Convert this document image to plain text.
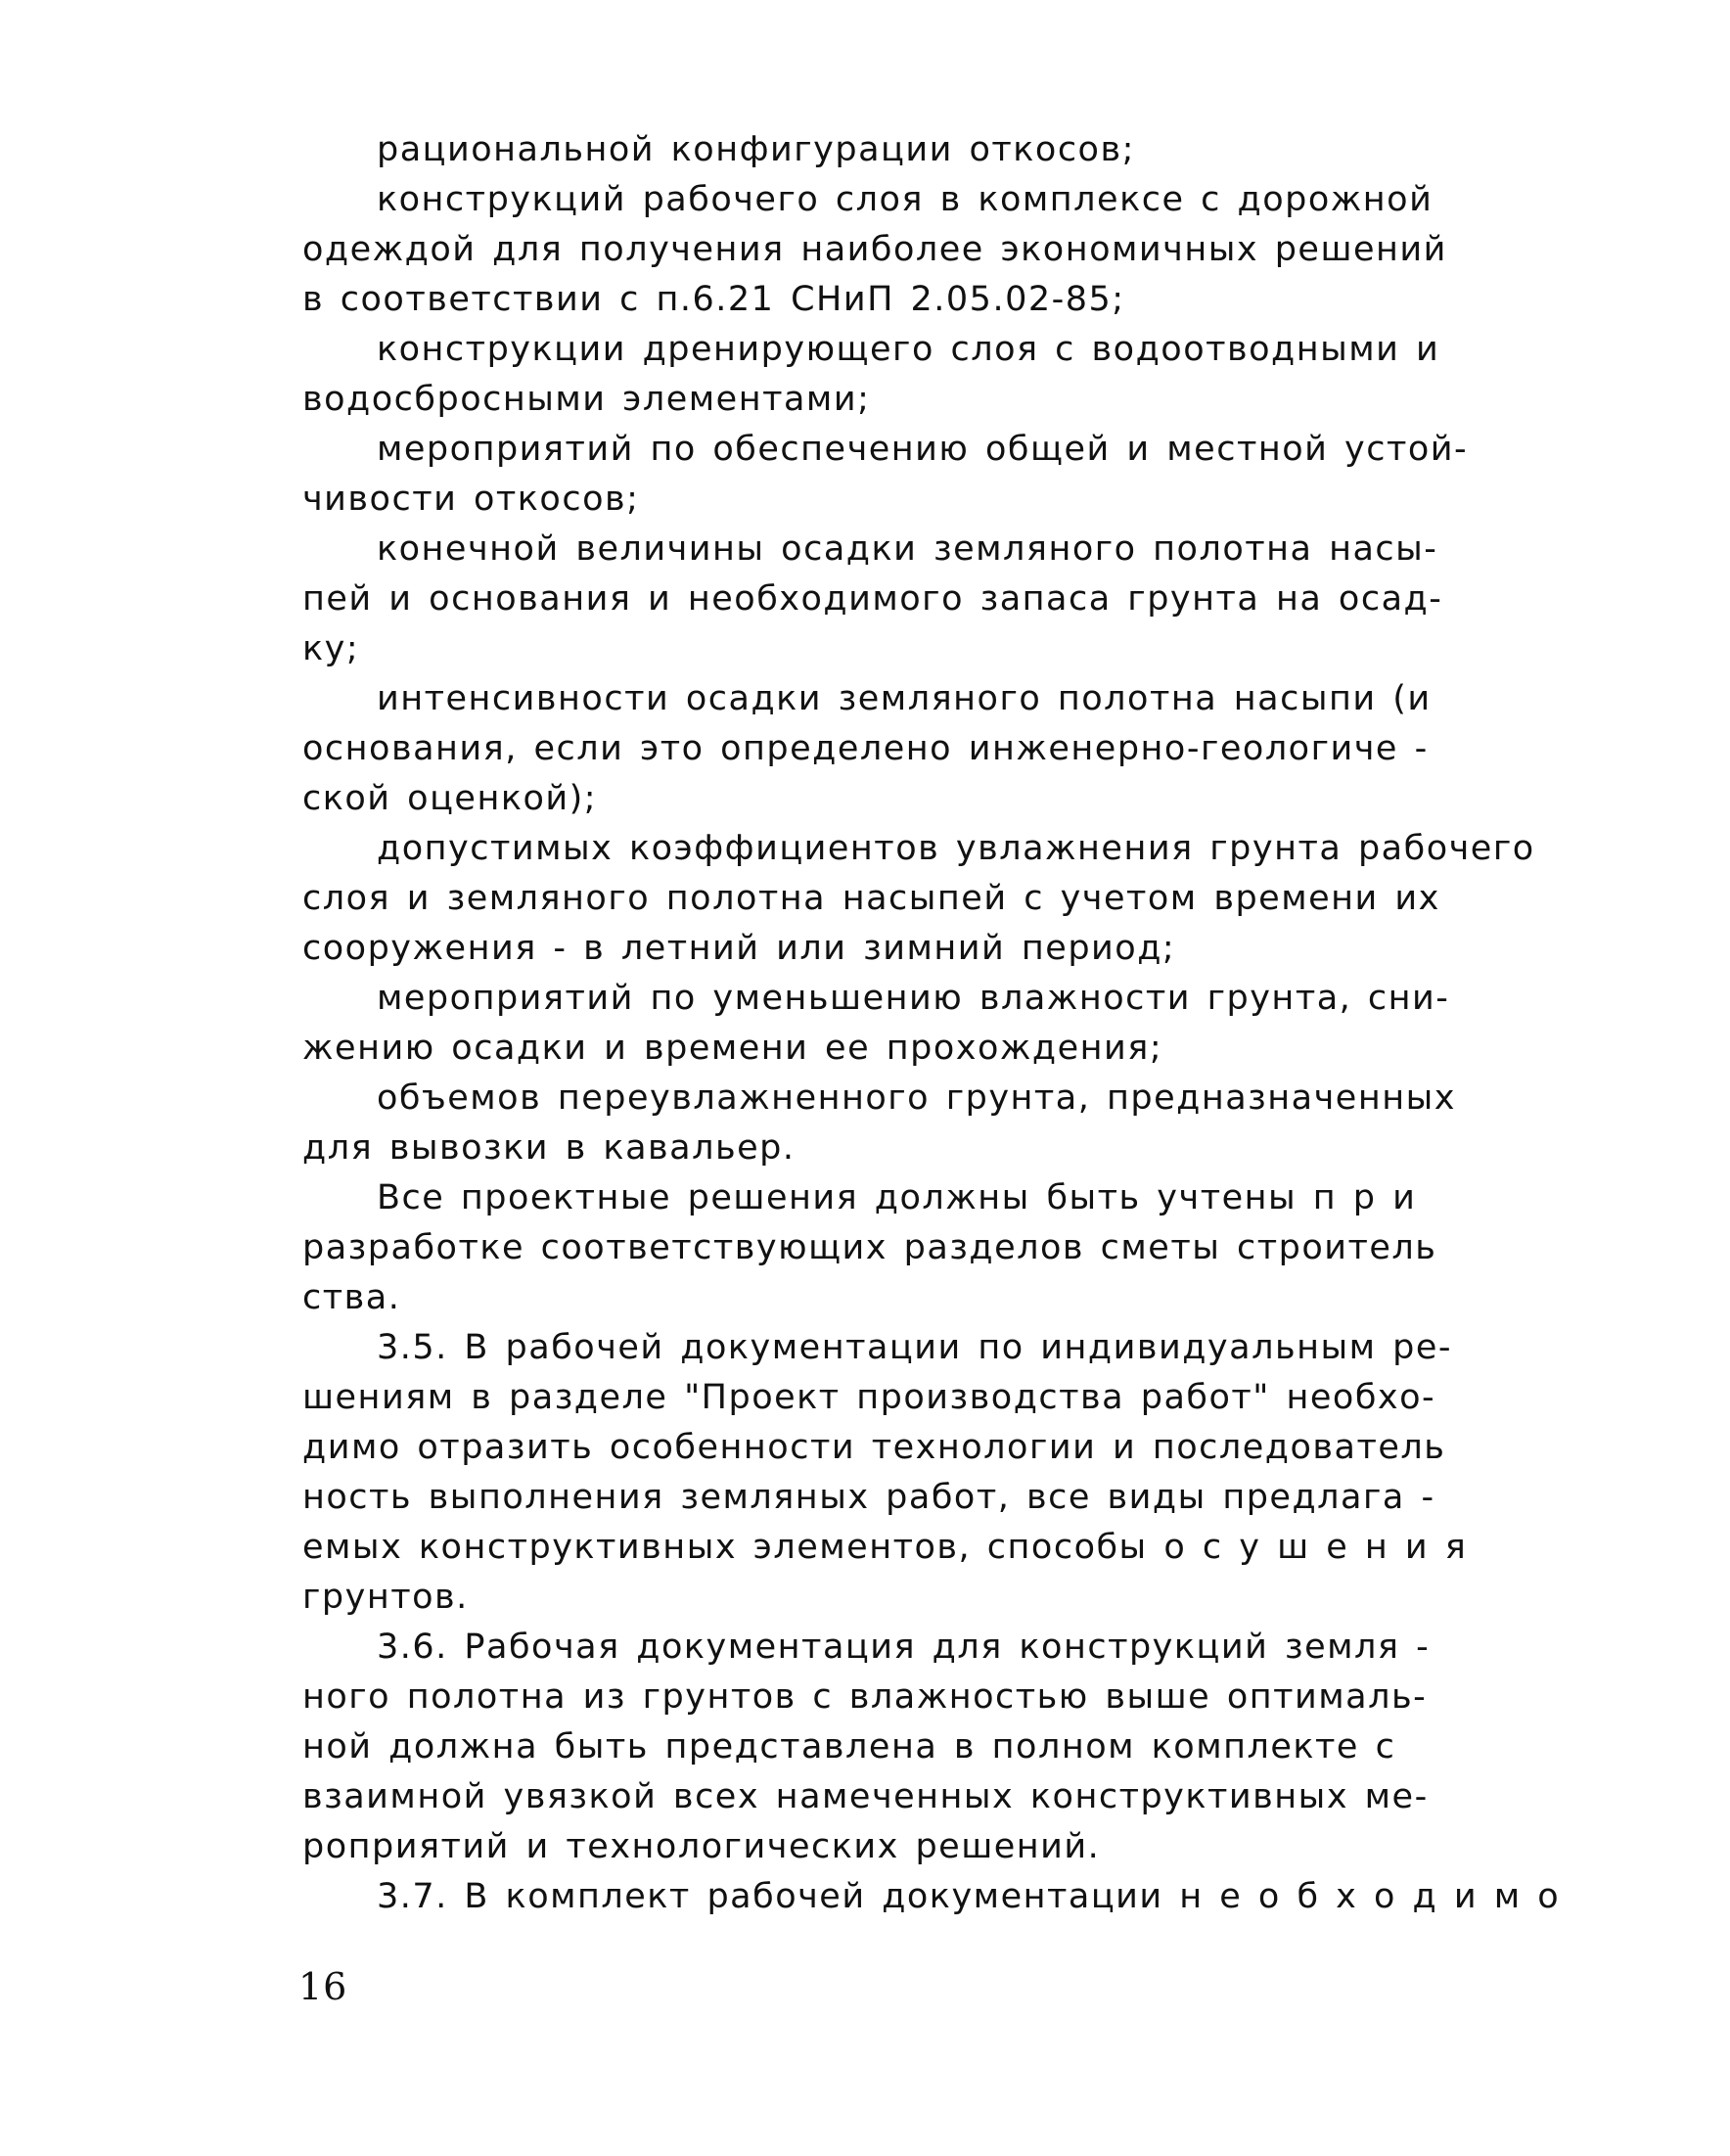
рациональной конфигурации откосов;
конструкций рабочего слоя в комплексе с дорожной
одеждой для получения наиболее экономичных решений
в соответствии с п.6.21 СНиП 2.05.02-85;
конструкции дренирующего слоя с водоотводными и
водосбросными элементами;
мероприятий по обеспечению общей и местной устой-
чивости откосов;
конечной величины осадки земляного полотна насы-
пей и основания и необходимого запаса грунта на осад-
ку;
интенсивности осадки земляного полотна насыпи (и
основания, если это определено инженерно-геологиче -
ской оценкой);
допустимых коэффициентов увлажнения грунта рабочего
слоя и земляного полотна насыпей с учетом времени их
сооружения - в летний или зимний период;
мероприятий по уменьшению влажности грунта, сни-
жению осадки и времени ее прохождения;
объемов переувлажненного грунта, предназначенных
для вывозки в кавальер.
Все проектные решения должны быть учтены п р и
разработке соответствующих разделов сметы строитель
ства.
3.5. В рабочей документации по индивидуальным ре-
шениям в разделе "Проект производства работ" необхо-
димо отразить особенности технологии и последователь
ность выполнения земляных работ, все виды предлага -
емых конструктивных элементов, способы о с у ш е н и я
грунтов.
3.6. Рабочая документация для конструкций земля -
ного полотна из грунтов с влажностью выше оптималь-
ной должна быть представлена в полном комплекте с
взаимной увязкой всех намеченных конструктивных ме-
роприятий и технологических решений.
3.7. В комплект рабочей документации н е о б х о д и м о
16
